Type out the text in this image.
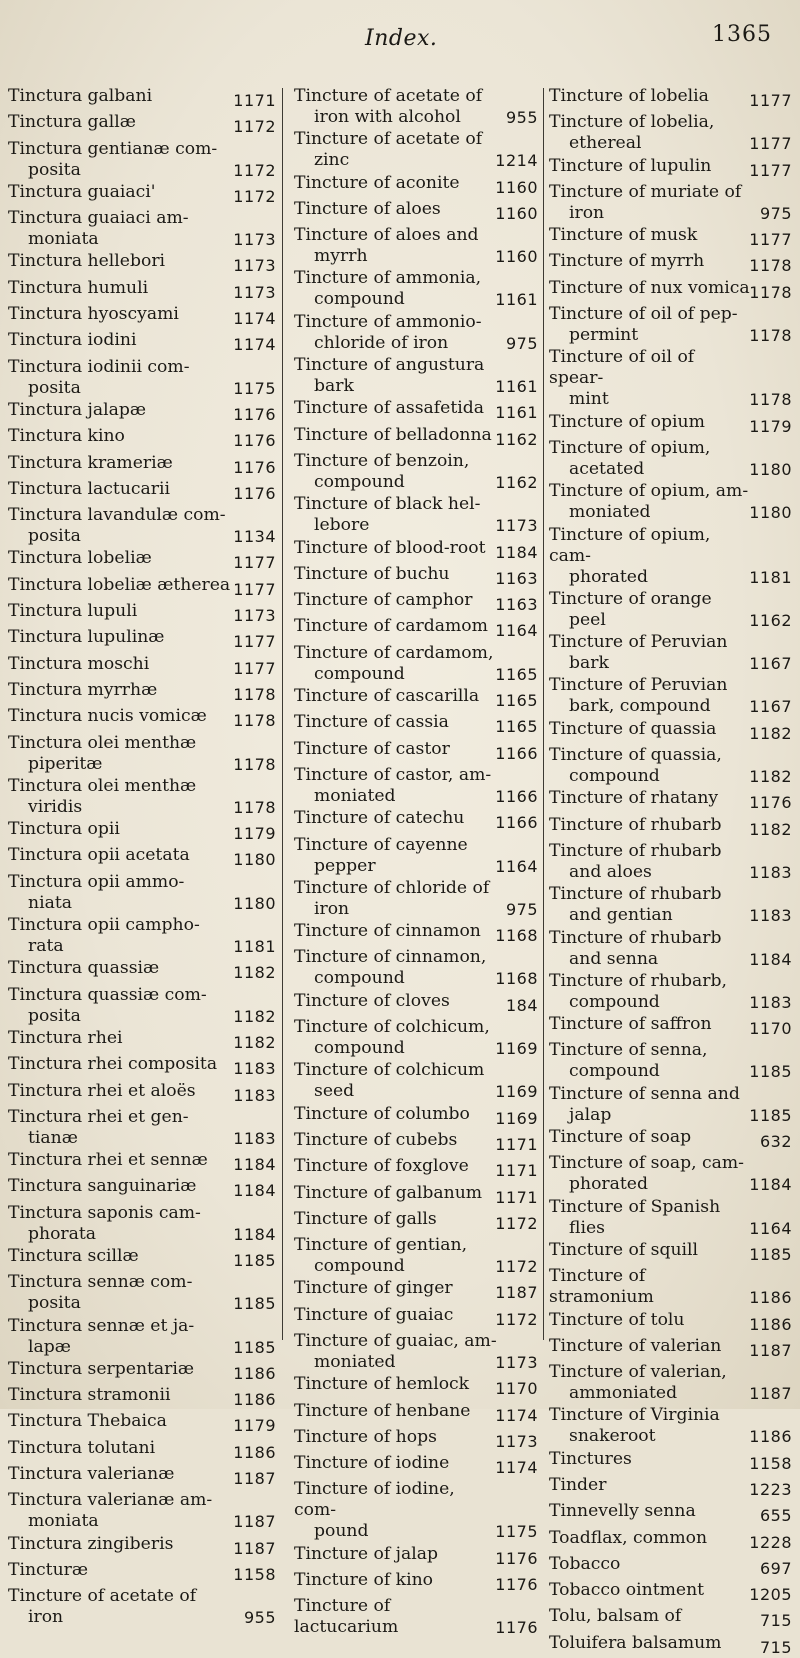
Index.	1365
Tinctura galbani	1171
Tinctura gallæ	1172
Tinctura gentianæ com-
posita	1172
Tinctura guaiaci'	1172
Tinctura guaiaci am-
moniata	1173
Tinctura hellebori	1173
Tinctura humuli	1173
Tinctura hyoscyami	1174
Tinctura iodini	1174
Tinctura iodinii com-
posita	1175
Tinctura jalapæ	1176
Tinctura kino	1176
Tinctura krameriæ	1176
Tinctura lactucarii	1176
Tinctura lavandulæ com-
posita	1134
Tinctura lobeliæ	1177
Tinctura lobeliæ ætherea 1177
Tinctura lupuli	1173
Tinctura lupulinæ	1177
Tinctura moschi	1177
Tinctura myrrhæ	1178
Tinctura nucis vomicæ	1178
Tinctura olei menthæ
piperitæ	1178
Tinctura olei menthæ
viridis	1178
Tinctura opii	1179
Tinctura opii acetata	1180
Tinctura opii ammo-
niata	1180
Tinctura opii campho-
rata	1181
Tinctura quassiæ	1182
Tinctura quassiæ com-
posita	1182
Tinctura rhei	1182
Tinctura rhei composita	1183
Tinctura rhei et aloës	1183
Tinctura rhei et gen-
tianæ	1183
Tinctura rhei et sennæ	1184
Tinctura sanguinariæ	1184
Tinctura saponis cam-
phorata	1184
Tinctura scillæ	1185
Tinctura sennæ com-
posita	1185
Tinctura sennæ et ja-
lapæ	1185
Tinctura serpentariæ	1186
Tinctura stramonii	1186
Tinctura Thebaica	1179
Tinctura tolutani	1186
Tinctura valerianæ	1187
Tinctura valerianæ am-
moniata	1187
Tinctura zingiberis	1187
Tincturæ	1158
Tincture of acetate of
iron	955
Tincture of acetate of
iron with alcohol	955
Tincture of acetate of
zinc	1214
Tincture of aconite	1160
Tincture of aloes	1160
Tincture of aloes and
myrrh	1160
Tincture of ammonia,
compound	1161
Tincture of ammonio-
chloride of iron	975
Tincture of angustura
bark	1161
Tincture of assafetida 1161
Tincture of belladonna 1162
Tincture of benzoin,
compound	1162
Tincture of black hel-
lebore	1173
Tincture of blood-root 1184
Tincture of buchu	1163
Tincture of camphor	1163
Tincture of cardamom 1164
Tincture of cardamom,
compound	1165
Tincture of cascarilla	1165
Tincture of cassia	1165
Tincture of castor	1166
Tincture of castor, am-
moniated	1166
Tincture of catechu	1166
Tincture of cayenne
pepper	1164
Tincture of chloride of
iron	975
Tincture of cinnamon 1168
Tincture of cinnamon,
compound	1168
Tincture of cloves	184
Tincture of colchicum,
compound	1169
Tincture of colchicum
seed	1169
Tincture of columbo	1169
Tincture of cubebs	1171
Tincture of foxglove	1171
Tincture of galbanum 1171
Tincture of galls	1172
Tincture of gentian,
compound	1172
Tincture of ginger	1187
Tincture of guaiac	1172
Tincture of guaiac, am-
moniated	1173
Tincture of hemlock	1170
Tincture of henbane	1174
Tincture of hops	1173
Tincture of iodine	1174
Tincture of iodine, com-
pound	1175
Tincture of jalap	1176
Tincture of kino	1176
Tincture of lactucarium	1176
Tincture of lobelia	1177
Tincture of lobelia,
ethereal	1177
Tincture of lupulin	1177
Tincture of muriate of
iron	975
Tincture of musk	1177
Tincture of myrrh	1178
Tincture of nux vomica 1178
Tincture of oil of pep-
permint	1178
Tincture of oil of spear-
mint	1178
Tincture of opium	1179
Tincture of opium,
acetated	1180
Tincture of opium, am-
moniated	1180
Tincture of opium, cam-
phorated	1181
Tincture of orange
peel	1162
Tincture of Peruvian
bark	1167
Tincture of Peruvian
bark, compound	1167
Tincture of quassia	1182
Tincture of quassia,
compound	1182
Tincture of rhatany	1176
Tincture of rhubarb	1182
Tincture of rhubarb
and aloes	1183
Tincture of rhubarb
and gentian	1183
Tincture of rhubarb
and senna	1184
Tincture of rhubarb,
compound	1183
Tincture of saffron	1170
Tincture of senna,
compound	1185
Tincture of senna and
jalap	1185
Tincture of soap	632
Tincture of soap, cam-
phorated	1184
Tincture of Spanish
flies	1164
Tincture of squill	1185
Tincture of stramonium	1186
Tincture of tolu	1186
Tincture of valerian	1187
Tincture of valerian,
ammoniated	1187
Tincture of Virginia
snakeroot	1186
Tinctures	1158
Tinder	1223
Tinnevelly senna	655
Toadflax, common	1228
Tobacco	697
Tobacco ointment	1205
Tolu, balsam of	715
Toluifera balsamum	715
